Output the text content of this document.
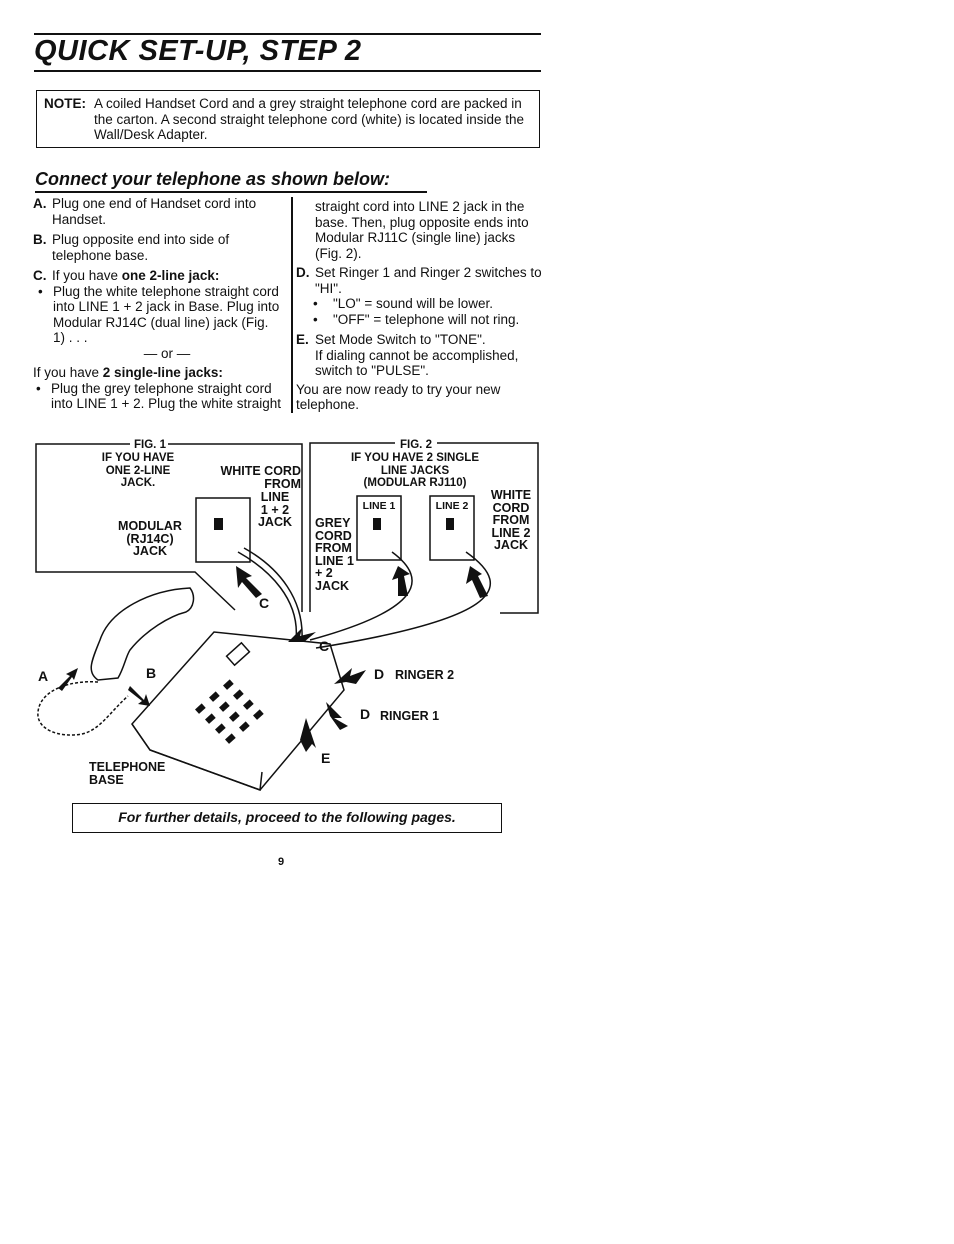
QUICK SET-UP, STEP 2
NOTE: A coiled Handset Cord and a grey straight telephone cord are packed in the carton. A second straight telephone cord (white) is located inside the Wall/Desk Adapter.
Connect your telephone as shown below:
A. Plug one end of Handset cord into Handset.
B. Plug opposite end into side of telephone base.
C. If you have one 2-line jack:
• Plug the white telephone straight cord into LINE 1 + 2 jack in Base. Plug into Modular RJ14C (dual line) jack (Fig. 1) . . .
— or —
If you have 2 single-line jacks:
• Plug the grey telephone straight cord into LINE 1 + 2. Plug the white straight
straight cord into LINE 2 jack in the base. Then, plug opposite ends into Modular RJ11C (single line) jacks (Fig. 2).
D. Set Ringer 1 and Ringer 2 switches to "HI".
• "LO" = sound will be lower.
• "OFF" = telephone will not ring.
E. Set Mode Switch to "TONE".
If dialing cannot be accomplished, switch to "PULSE".
You are now ready to try your new telephone.
FIG. 1
IF YOU HAVE ONE 2-LINE JACK.
MODULAR (RJ14C) JACK
WHITE CORD FROM
LINE 1 + 2 JACK
C
FIG. 2
IF YOU HAVE 2 SINGLE LINE JACKS (MODULAR RJ110)
LINE 1	LINE 2
GREY CORD FROM LINE 1 + 2 JACK
WHITE CORD FROM LINE 2 JACK
A	B
C
D RINGER 2
D RINGER 1
E
TELEPHONE BASE
For further details, proceed to the following pages.
9
